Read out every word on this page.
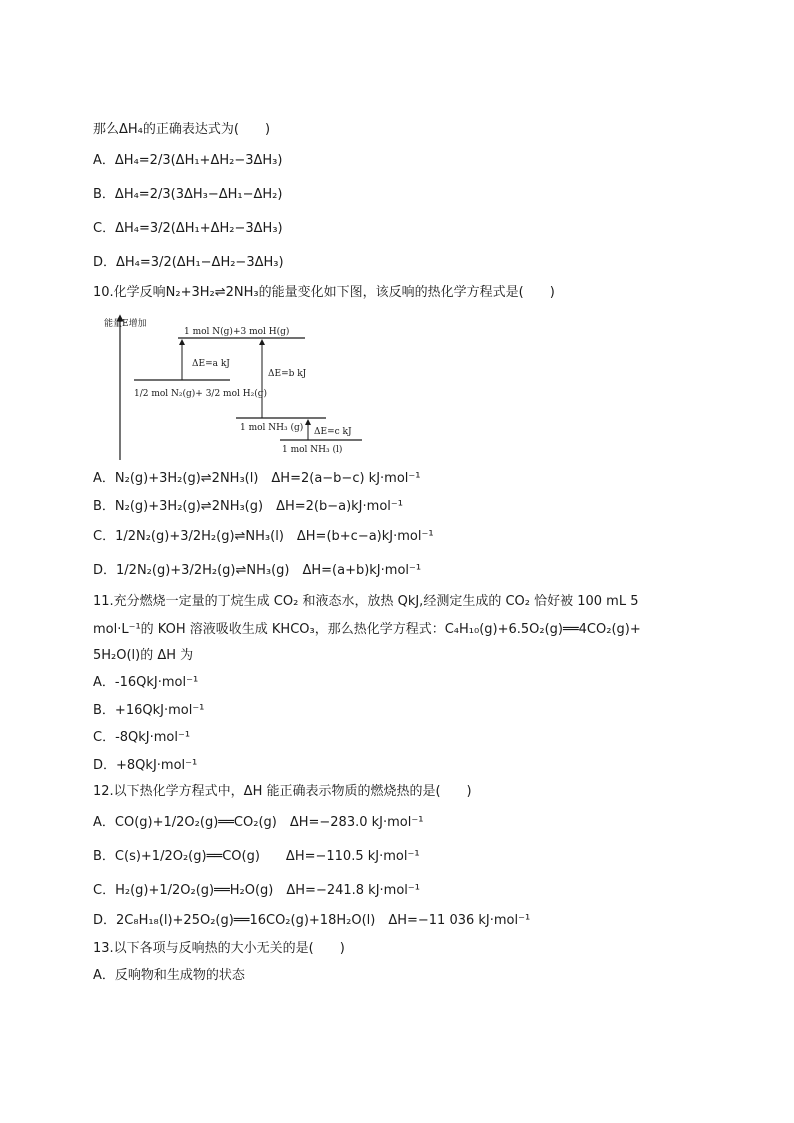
那么ΔH₄的正确表达式为(　　)
A．ΔH₄=2/3(ΔH₁+ΔH₂−3ΔH₃)
B．ΔH₄=2/3(3ΔH₃−ΔH₁−ΔH₂)
C．ΔH₄=3/2(ΔH₁+ΔH₂−3ΔH₃)
D．ΔH₄=3/2(ΔH₁−ΔH₂−3ΔH₃)
10.化学反响N₂+3H₂⇌2NH₃的能量变化如下图，该反响的热化学方程式是(　　)
能量E增加
1 mol N(g)+3 mol H(g)
1/2 mol N₂(g)+ 3/2 mol H₂(g)
ΔE=a kJ
1 mol NH₃ (g)
ΔE=b kJ
1 mol NH₃ (l)
ΔE=c kJ
A．N₂(g)+3H₂(g)⇌2NH₃(l)　ΔH=2(a−b−c) kJ·mol⁻¹
B．N₂(g)+3H₂(g)⇌2NH₃(g)　ΔH=2(b−a)kJ·mol⁻¹
C．1/2N₂(g)+3/2H₂(g)⇌NH₃(l)　ΔH=(b+c−a)kJ·mol⁻¹
D．1/2N₂(g)+3/2H₂(g)⇌NH₃(g)　ΔH=(a+b)kJ·mol⁻¹
11.充分燃烧一定量的丁烷生成 CO₂ 和液态水，放热 QkJ,经测定生成的 CO₂ 恰好被 100 mL 5
mol·L⁻¹的 KOH 溶液吸收生成 KHCO₃，那么热化学方程式：C₄H₁₀(g)+6.5O₂(g)══4CO₂(g)+
5H₂O(l)的 ΔH 为
A．-16QkJ·mol⁻¹
B．+16QkJ·mol⁻¹
C．-8QkJ·mol⁻¹
D．+8QkJ·mol⁻¹
12.以下热化学方程式中，ΔH 能正确表示物质的燃烧热的是(　　)
A．CO(g)+1/2O₂(g)══CO₂(g)　ΔH=−283.0 kJ·mol⁻¹
B．C(s)+1/2O₂(g)══CO(g)　　ΔH=−110.5 kJ·mol⁻¹
C．H₂(g)+1/2O₂(g)══H₂O(g)　ΔH=−241.8 kJ·mol⁻¹
D．2C₈H₁₈(l)+25O₂(g)══16CO₂(g)+18H₂O(l)　ΔH=−11 036 kJ·mol⁻¹
13.以下各项与反响热的大小无关的是(　　)
A．反响物和生成物的状态
